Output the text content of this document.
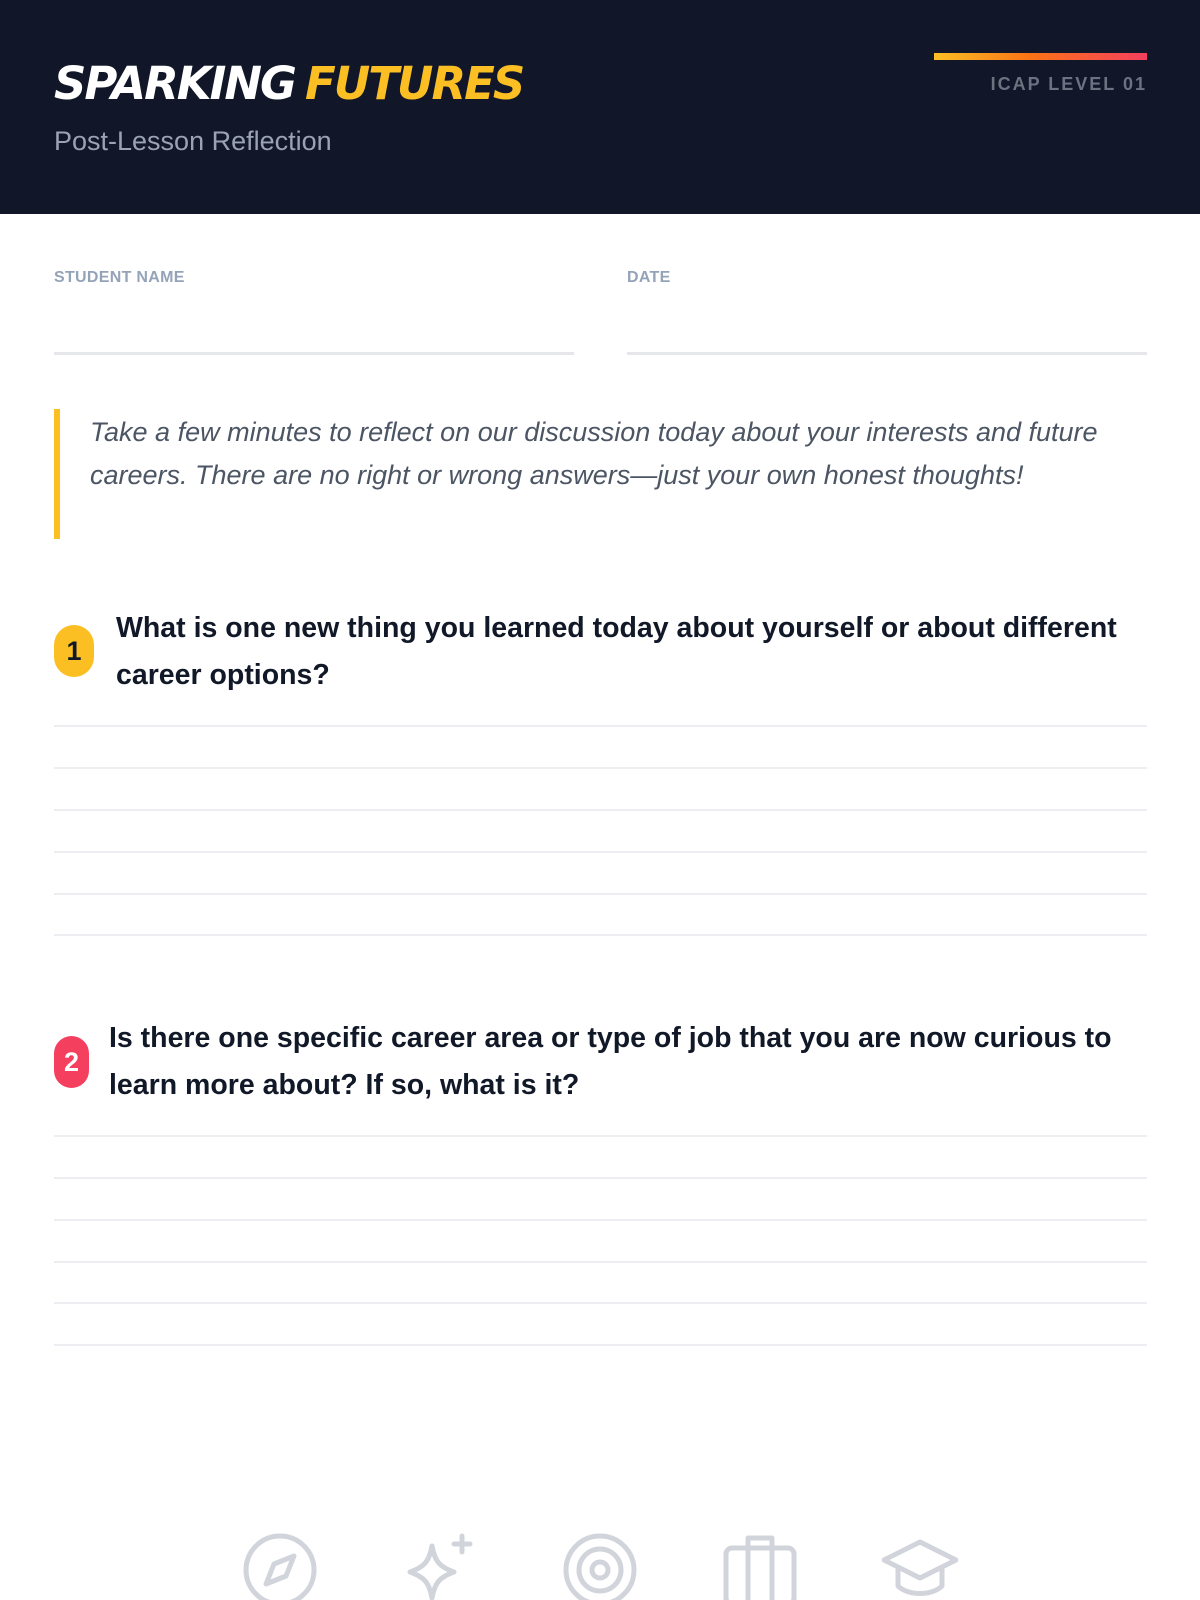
SPARKING FUTURES
Post-Lesson Reflection
ICAP LEVEL 01
STUDENT NAME	DATE
Take a few minutes to reflect on our discussion today about your interests and future careers. There are no right or wrong answers—just your own honest thoughts!
1
What is one new thing you learned today about yourself or about different career options?
2
Is there one specific career area or type of job that you are now curious to learn more about? If so, what is it?
